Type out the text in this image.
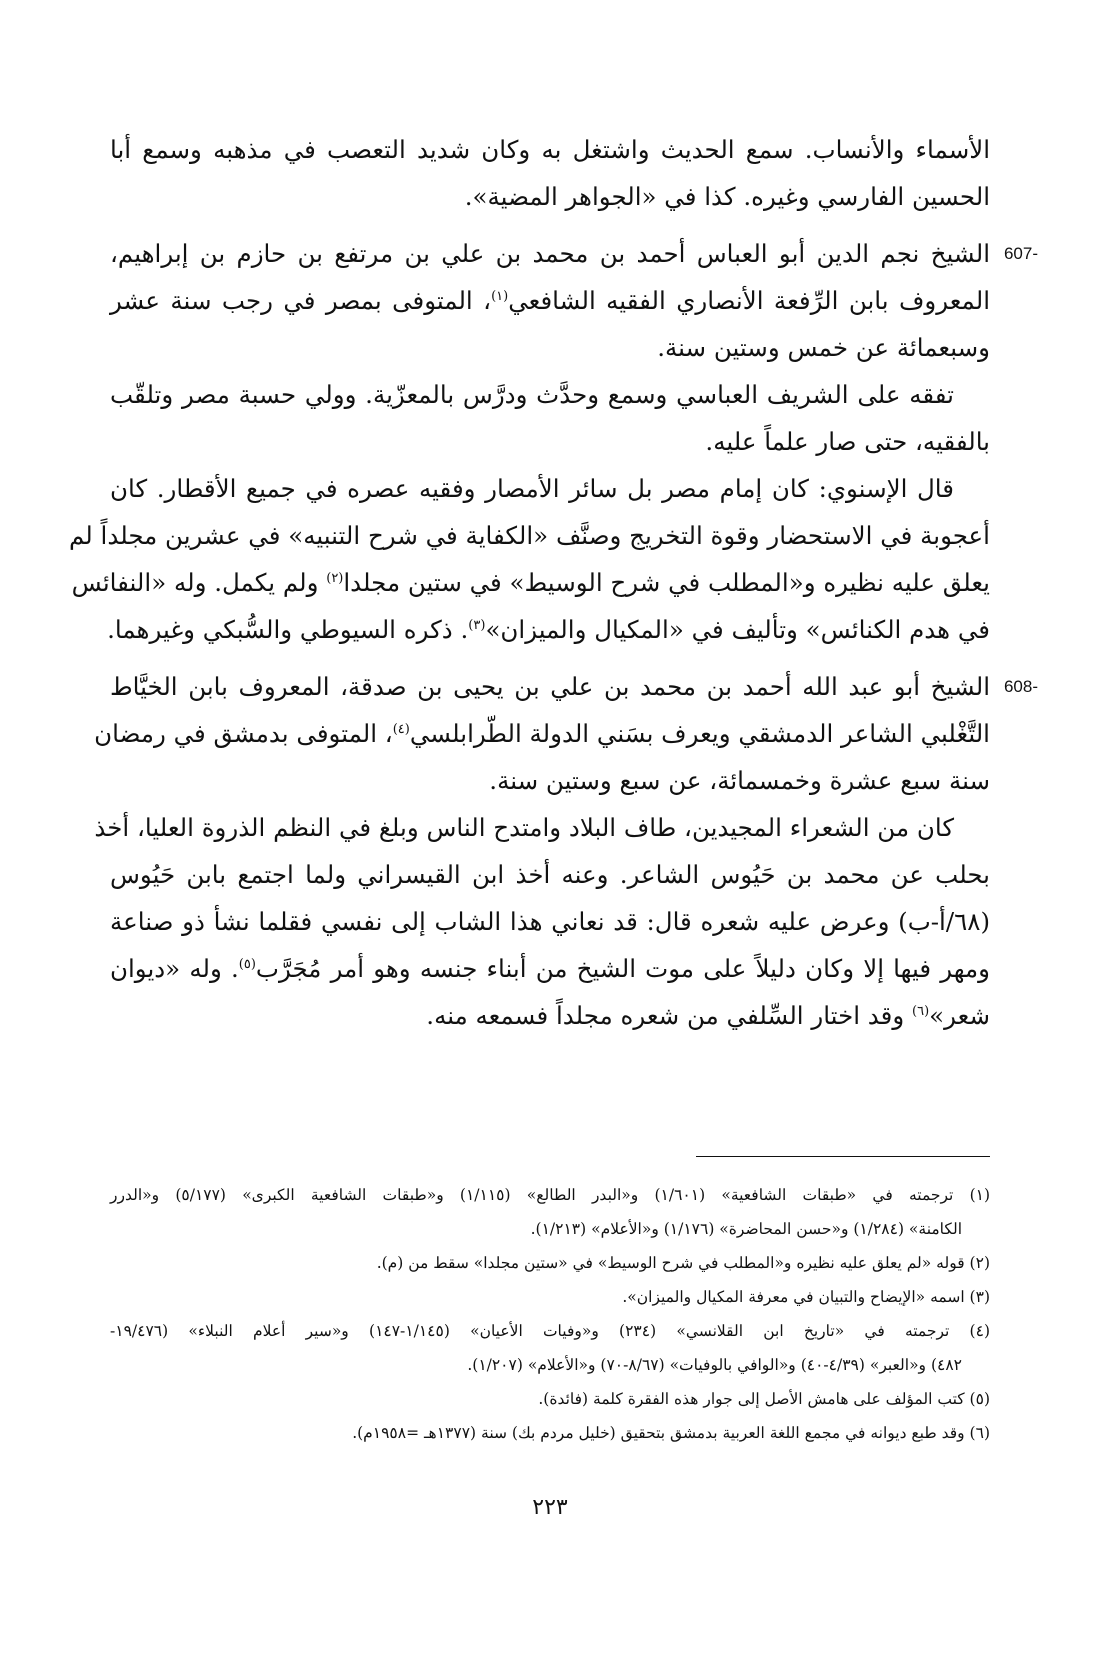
الأسماء والأنساب. سمع الحديث واشتغل به وكان شديد التعصب في مذهبه وسمع أبا
الحسين الفارسي وغيره. كذا في «الجواهر المضية».
607-
الشيخ نجم الدين أبو العباس أحمد بن محمد بن علي بن مرتفع بن حازم بن إبراهيم،
المعروف بابن الرِّفعة الأنصاري الفقيه الشافعي$^{(١)}$، المتوفى بمصر في رجب سنة عشر
وسبعمائة عن خمس وستين سنة.
تفقه على الشريف العباسي وسمع وحدَّث ودرَّس بالمعزّية. وولي حسبة مصر وتلقّب
بالفقيه، حتى صار علماً عليه.
قال الإسنوي: كان إمام مصر بل سائر الأمصار وفقيه عصره في جميع الأقطار. كان
أعجوبة في الاستحضار وقوة التخريج وصنَّف «الكفاية في شرح التنبيه» في عشرين مجلداً لم
يعلق عليه نظيره و«المطلب في شرح الوسيط» في ستين مجلدا$^{(٢)}$ ولم يكمل. وله «النفائس
في هدم الكنائس» وتأليف في «المكيال والميزان»$^{(٣)}$. ذكره السيوطي والسُّبكي وغيرهما.
608-
الشيخ أبو عبد الله أحمد بن محمد بن علي بن يحيى بن صدقة، المعروف بابن الخيَّاط
التَّغْلبي الشاعر الدمشقي ويعرف بسَني الدولة الطّرابلسي$^{(٤)}$، المتوفى بدمشق في رمضان
سنة سبع عشرة وخمسمائة، عن سبع وستين سنة.
كان من الشعراء المجيدين، طاف البلاد وامتدح الناس وبلغ في النظم الذروة العليا، أخذ
بحلب عن محمد بن حَيُوس الشاعر. وعنه أخذ ابن القيسراني ولما اجتمع بابن حَيُوس
(٦٨/أ-ب) وعرض عليه شعره قال: قد نعاني هذا الشاب إلى نفسي فقلما نشأ ذو صناعة
ومهر فيها إلا وكان دليلاً على موت الشيخ من أبناء جنسه وهو أمر مُجَرَّب$^{(٥)}$. وله «ديوان
شعر»$^{(٦)}$ وقد اختار السِّلفي من شعره مجلداً فسمعه منه.
(١) ترجمته في «طبقات الشافعية» (١/٦٠١) و«البدر الطالع» (١/١١٥) و«طبقات الشافعية الكبرى» (٥/١٧٧) و«الدرر
الكامنة» (١/٢٨٤) و«حسن المحاضرة» (١/١٧٦) و«الأعلام» (١/٢١٣).
(٢) قوله «لم يعلق عليه نظيره و«المطلب في شرح الوسيط» في «ستين مجلدا» سقط من (م).
(٣) اسمه «الإيضاح والتبيان في معرفة المكيال والميزان».
(٤) ترجمته في «تاريخ ابن القلانسي» (٢٣٤) و«وفيات الأعيان» (١/١٤٥-١٤٧) و«سير أعلام النبلاء» (١٩/٤٧٦-
٤٨٢) و«العبر» (٤/٣٩-٤٠) و«الوافي بالوفيات» (٨/٦٧-٧٠) و«الأعلام» (١/٢٠٧).
(٥) كتب المؤلف على هامش الأصل إلى جوار هذه الفقرة كلمة (فائدة).
(٦) وقد طبع ديوانه في مجمع اللغة العربية بدمشق بتحقيق (خليل مردم بك) سنة (١٣٧٧هـ =١٩٥٨م).
٢٢٣
